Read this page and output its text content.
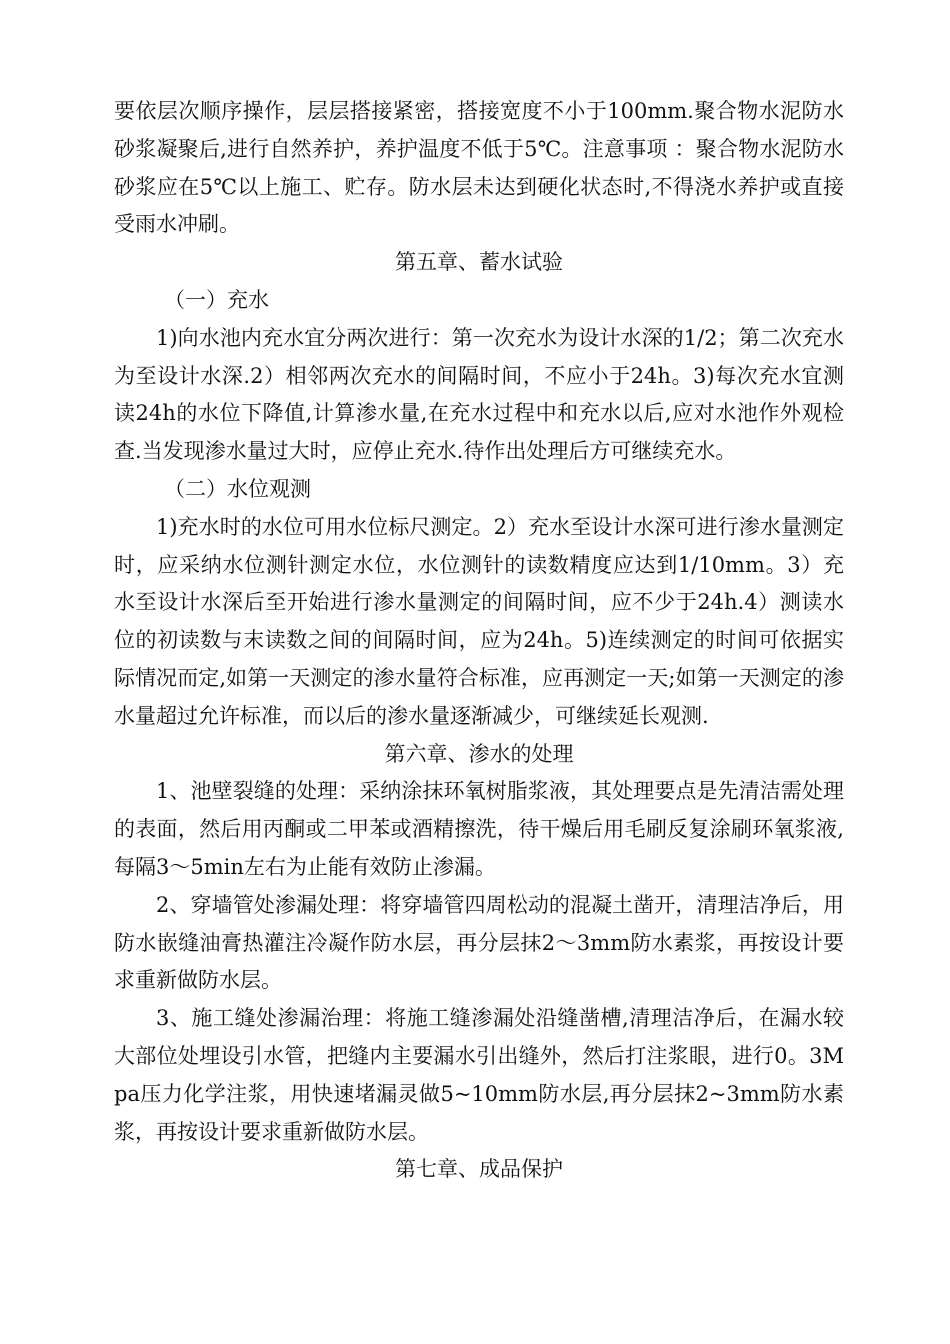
要依层次顺序操作，层层搭接紧密，搭接宽度不小于100mm.聚合物水泥防水砂浆凝聚后,进行自然养护，养护温度不低于5℃。注意事项 ：聚合物水泥防水砂浆应在5℃以上施工、贮存。防水层未达到硬化状态时,不得浇水养护或直接受雨水冲刷。

第五章、蓄水试验

（一）充水

1)向水池内充水宜分两次进行：第一次充水为设计水深的1/2；第二次充水为至设计水深.2）相邻两次充水的间隔时间，不应小于24h。3)每次充水宜测读24h的水位下降值,计算渗水量,在充水过程中和充水以后,应对水池作外观检查.当发现渗水量过大时，应停止充水.待作出处理后方可继续充水。

（二）水位观测

1)充水时的水位可用水位标尺测定。2）充水至设计水深可进行渗水量测定时，应采纳水位测针测定水位，水位测针的读数精度应达到1/10mm。3）充水至设计水深后至开始进行渗水量测定的间隔时间，应不少于24h.4）测读水位的初读数与末读数之间的间隔时间，应为24h。5)连续测定的时间可依据实际情况而定,如第一天测定的渗水量符合标准，应再测定一天;如第一天测定的渗水量超过允许标准，而以后的渗水量逐渐减少，可继续延长观测.

第六章、渗水的处理

1、池壁裂缝的处理：采纳涂抹环氧树脂浆液，其处理要点是先清洁需处理的表面，然后用丙酮或二甲苯或酒精擦洗，待干燥后用毛刷反复涂刷环氧浆液,每隔3～5min左右为止能有效防止渗漏。

2、穿墙管处渗漏处理：将穿墙管四周松动的混凝土凿开，清理洁净后，用防水嵌缝油膏热灌注冷凝作防水层，再分层抹2～3mm防水素浆，再按设计要求重新做防水层。

3、施工缝处渗漏治理：将施工缝渗漏处沿缝凿槽,清理洁净后，在漏水较大部位处埋设引水管，把缝内主要漏水引出缝外，然后打注浆眼，进行0。3Mpa压力化学注浆，用快速堵漏灵做5~10mm防水层,再分层抹2~3mm防水素浆，再按设计要求重新做防水层。

第七章、成品保护
